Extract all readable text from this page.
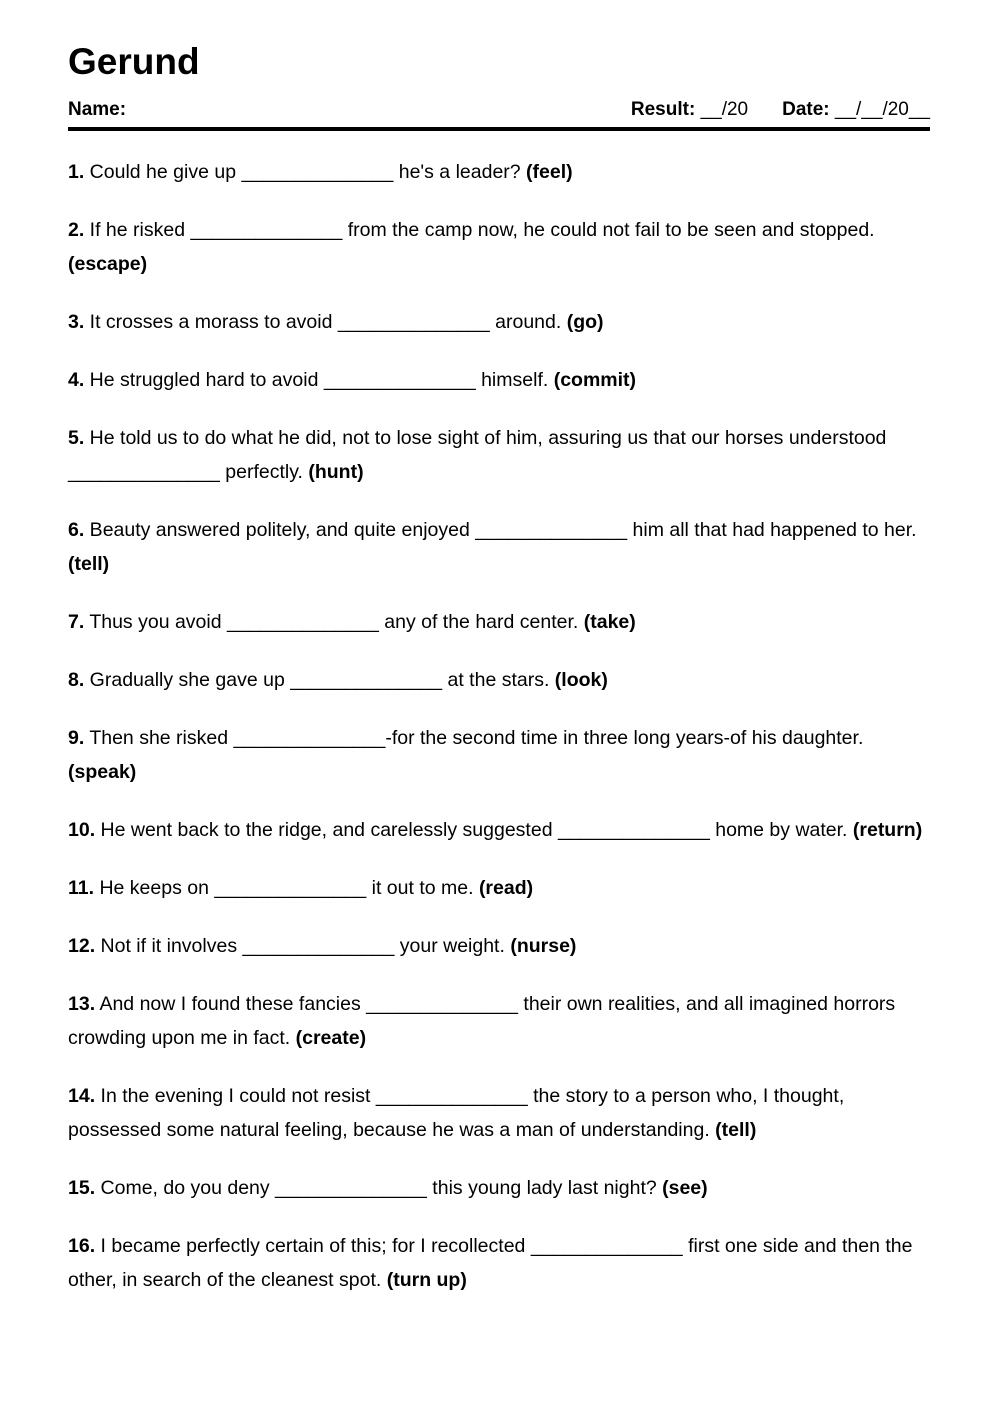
Gerund
Name:	Result: __/20 Date: __/__/20__

1. Could he give up ______________ he's a leader? (feel)

2. If he risked ______________ from the camp now, he could not fail to be seen and stopped. (escape)

3. It crosses a morass to avoid ______________ around. (go)

4. He struggled hard to avoid ______________ himself. (commit)

5. He told us to do what he did, not to lose sight of him, assuring us that our horses understood ______________ perfectly. (hunt)

6. Beauty answered politely, and quite enjoyed ______________ him all that had happened to her. (tell)

7. Thus you avoid ______________ any of the hard center. (take)

8. Gradually she gave up ______________ at the stars. (look)

9. Then she risked ______________-for the second time in three long years-of his daughter. (speak)

10. He went back to the ridge, and carelessly suggested ______________ home by water. (return)

11. He keeps on ______________ it out to me. (read)

12. Not if it involves ______________ your weight. (nurse)

13. And now I found these fancies ______________ their own realities, and all imagined horrors crowding upon me in fact. (create)

14. In the evening I could not resist ______________ the story to a person who, I thought, possessed some natural feeling, because he was a man of understanding. (tell)

15. Come, do you deny ______________ this young lady last night? (see)

16. I became perfectly certain of this; for I recollected ______________ first one side and then the other, in search of the cleanest spot. (turn up)
